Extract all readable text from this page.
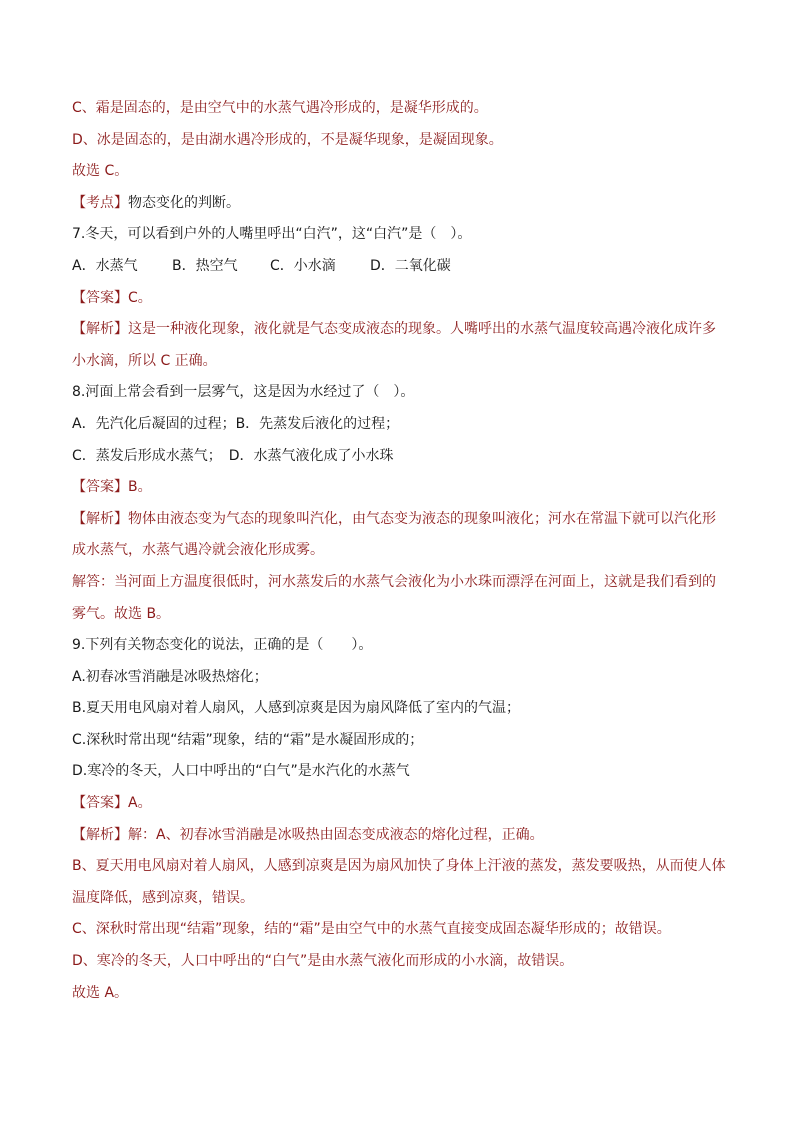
C、霜是固态的，是由空气中的水蒸气遇冷形成的，是凝华形成的。
D、冰是固态的，是由湖水遇冷形成的，不是凝华现象，是凝固现象。
故选 C。
【考点】物态变化的判断。
7.冬天，可以看到户外的人嘴里呼出“白汽”，这“白汽”是（　）。
A．水蒸气	B．热空气	C．小水滴	D．二氧化碳
【答案】C。
【解析】这是一种液化现象，液化就是气态变成液态的现象。人嘴呼出的水蒸气温度较高遇冷液化成许多
小水滴，所以 C 正确。
8.河面上常会看到一层雾气，这是因为水经过了（　）。
A．先汽化后凝固的过程；B．先蒸发后液化的过程；
C．蒸发后形成水蒸气；　D．水蒸气液化成了小水珠
【答案】B。
【解析】物体由液态变为气态的现象叫汽化，由气态变为液态的现象叫液化；河水在常温下就可以汽化形
成水蒸气，水蒸气遇冷就会液化形成雾。
解答：当河面上方温度很低时，河水蒸发后的水蒸气会液化为小水珠而漂浮在河面上，这就是我们看到的
雾气。故选 B。
9.下列有关物态变化的说法，正确的是（　　）。
A.初春冰雪消融是冰吸热熔化；
B.夏天用电风扇对着人扇风，人感到凉爽是因为扇风降低了室内的气温；
C.深秋时常出现“结霜”现象，结的“霜”是水凝固形成的；
D.寒冷的冬天，人口中呼出的“白气”是水汽化的水蒸气
【答案】A。
【解析】解：A、初春冰雪消融是冰吸热由固态变成液态的熔化过程，正确。
B、夏天用电风扇对着人扇风，人感到凉爽是因为扇风加快了身体上汗液的蒸发，蒸发要吸热，从而使人体
温度降低，感到凉爽，错误。
C、深秋时常出现“结霜”现象，结的“霜”是由空气中的水蒸气直接变成固态凝华形成的；故错误。
D、寒冷的冬天，人口中呼出的“白气”是由水蒸气液化而形成的小水滴，故错误。
故选 A。
